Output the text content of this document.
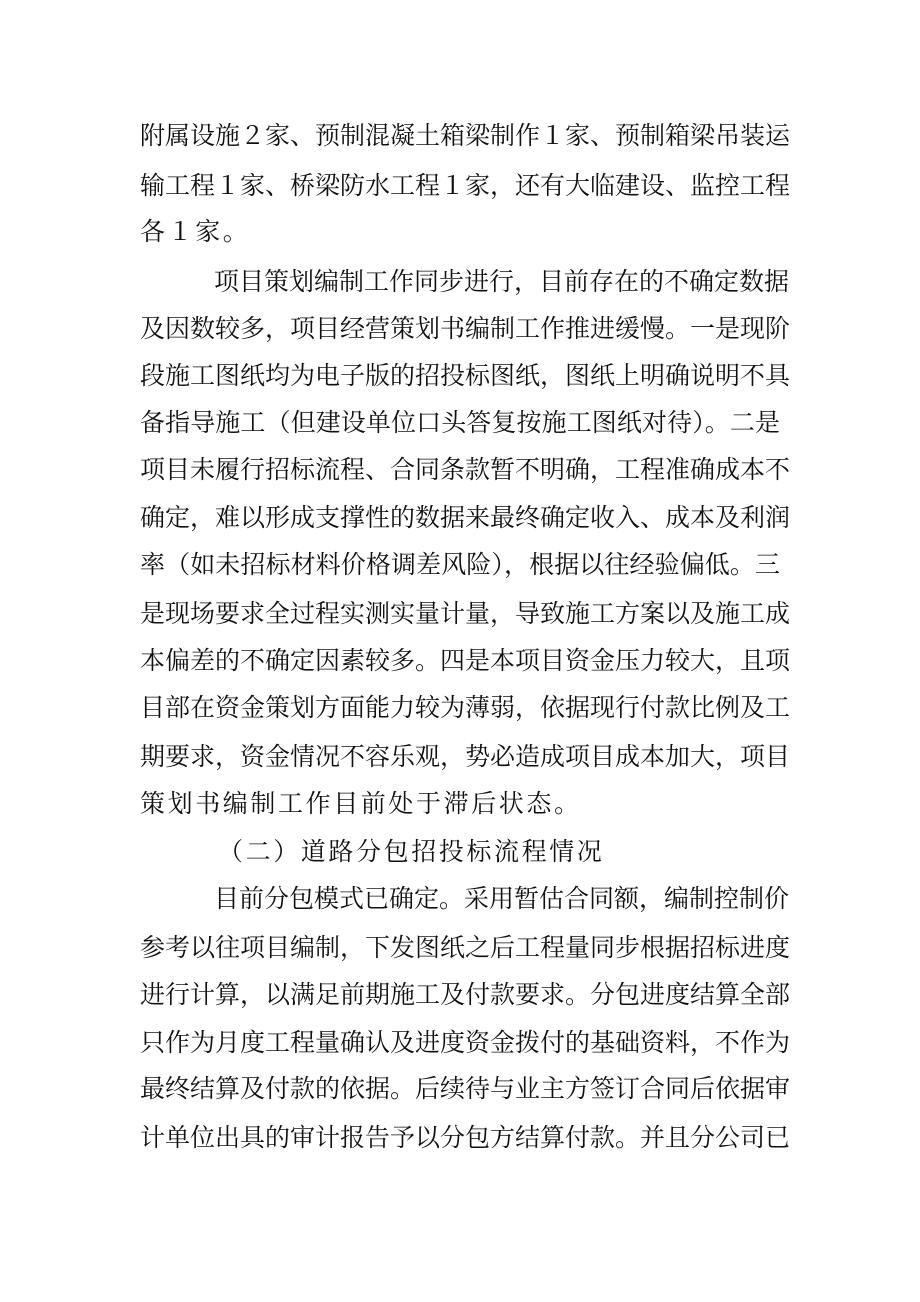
附属设施２家、预制混凝土箱梁制作１家、预制箱梁吊装运
输工程１家、桥梁防水工程１家，还有大临建设、监控工程
各１家。
项目策划编制工作同步进行，目前存在的不确定数据
及因数较多，项目经营策划书编制工作推进缓慢。一是现阶
段施工图纸均为电子版的招投标图纸，图纸上明确说明不具
备指导施工（但建设单位口头答复按施工图纸对待）。二是
项目未履行招标流程、合同条款暂不明确，工程准确成本不
确定，难以形成支撑性的数据来最终确定收入、成本及利润
率（如未招标材料价格调差风险），根据以往经验偏低。三
是现场要求全过程实测实量计量，导致施工方案以及施工成
本偏差的不确定因素较多。四是本项目资金压力较大，且项
目部在资金策划方面能力较为薄弱，依据现行付款比例及工
期要求，资金情况不容乐观，势必造成项目成本加大，项目
策划书编制工作目前处于滞后状态。
（二）道路分包招投标流程情况
目前分包模式已确定。采用暂估合同额，编制控制价
参考以往项目编制，下发图纸之后工程量同步根据招标进度
进行计算，以满足前期施工及付款要求。分包进度结算全部
只作为月度工程量确认及进度资金拨付的基础资料，不作为
最终结算及付款的依据。后续待与业主方签订合同后依据审
计单位出具的审计报告予以分包方结算付款。并且分公司已
